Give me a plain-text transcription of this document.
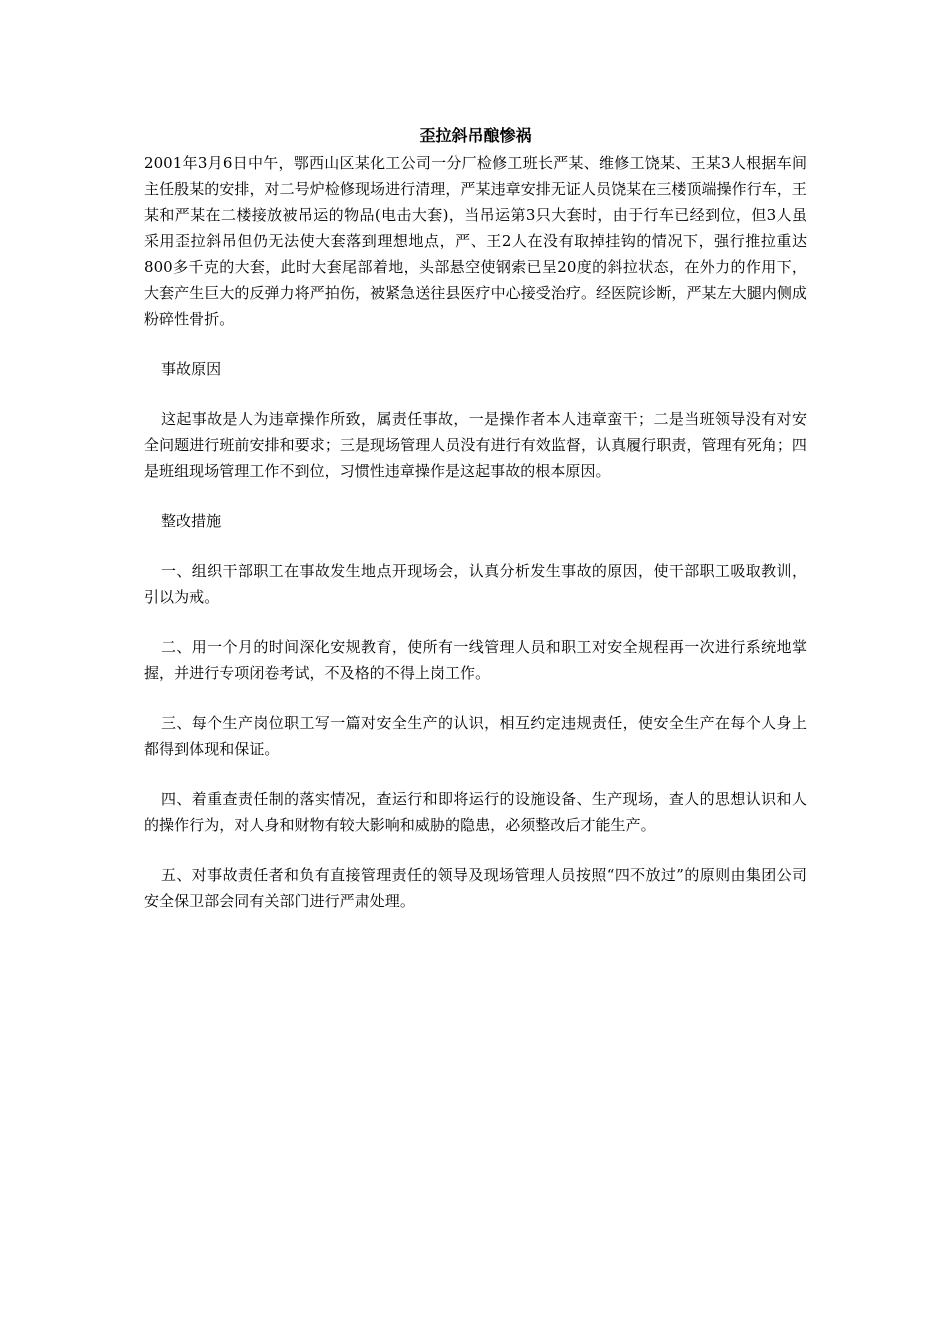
歪拉斜吊酿惨祸

2001年3月6日中午，鄂西山区某化工公司一分厂检修工班长严某、维修工饶某、王某3人根据车间主任殷某的安排，对二号炉检修现场进行清理，严某违章安排无证人员饶某在三楼顶端操作行车，王某和严某在二楼接放被吊运的物品(电击大套)，当吊运第3只大套时，由于行车已经到位，但3人虽采用歪拉斜吊但仍无法使大套落到理想地点，严、王2人在没有取掉挂钩的情况下，强行推拉重达800多千克的大套，此时大套尾部着地，头部悬空使钢索已呈20度的斜拉状态，在外力的作用下，大套产生巨大的反弹力将严拍伤，被紧急送往县医疗中心接受治疗。经医院诊断，严某左大腿内侧成粉碎性骨折。

事故原因

这起事故是人为违章操作所致，属责任事故，一是操作者本人违章蛮干；二是当班领导没有对安全问题进行班前安排和要求；三是现场管理人员没有进行有效监督，认真履行职责，管理有死角；四是班组现场管理工作不到位，习惯性违章操作是这起事故的根本原因。

整改措施

一、组织干部职工在事故发生地点开现场会，认真分析发生事故的原因，使干部职工吸取教训，引以为戒。

二、用一个月的时间深化安规教育，使所有一线管理人员和职工对安全规程再一次进行系统地掌握，并进行专项闭卷考试，不及格的不得上岗工作。

三、每个生产岗位职工写一篇对安全生产的认识，相互约定违规责任，使安全生产在每个人身上都得到体现和保证。

四、着重查责任制的落实情况，查运行和即将运行的设施设备、生产现场，查人的思想认识和人的操作行为，对人身和财物有较大影响和威胁的隐患，必须整改后才能生产。

五、对事故责任者和负有直接管理责任的领导及现场管理人员按照“四不放过”的原则由集团公司安全保卫部会同有关部门进行严肃处理。
